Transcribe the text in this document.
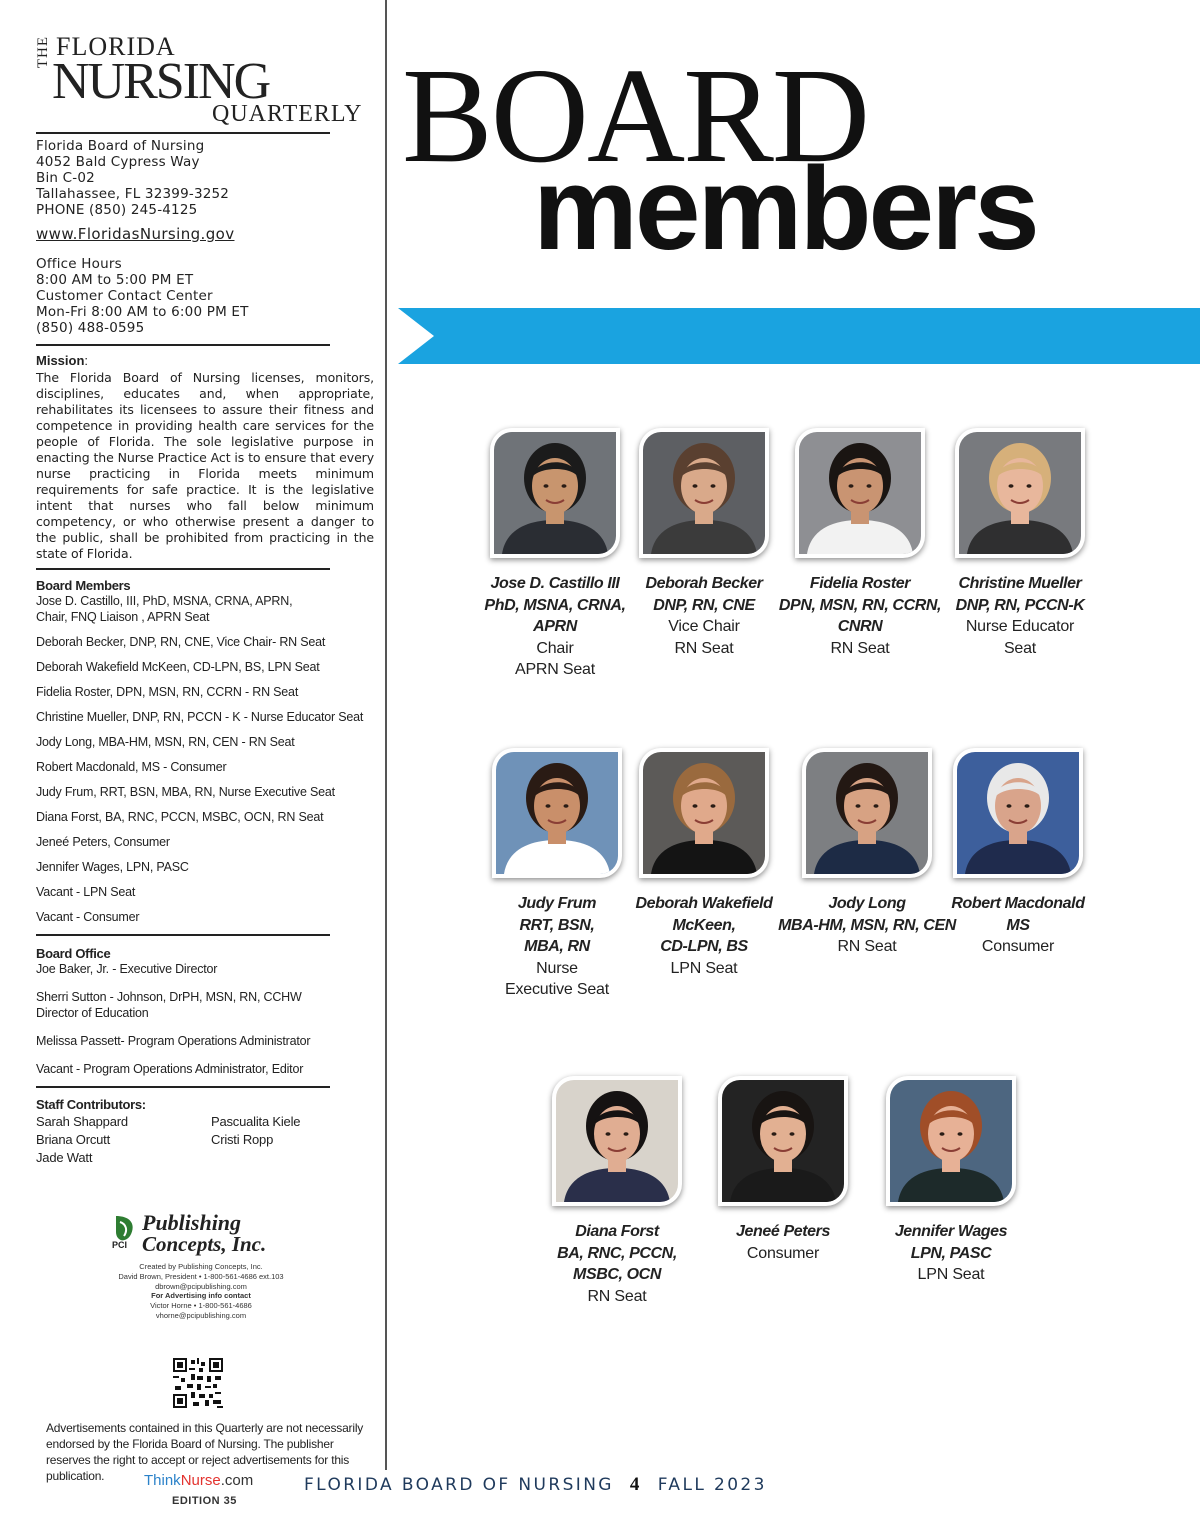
THE FLORIDA
NURSING
QUARTERLY
Florida Board of Nursing
4052 Bald Cypress Way
Bin C-02
Tallahassee, FL 32399-3252
PHONE (850) 245-4125
www.FloridasNursing.gov
Office Hours
8:00 AM to 5:00 PM ET
Customer Contact Center
Mon-Fri 8:00 AM to 6:00 PM ET
(850) 488-0595
Mission:
The Florida Board of Nursing licenses, monitors, disciplines, educates and, when appropriate, rehabilitates its licensees to assure their fitness and competence in providing health care services for the people of Florida. The sole legislative purpose in enacting the Nurse Practice Act is to ensure that every nurse practicing in Florida meets minimum requirements for safe practice. It is the legislative intent that nurses who fall below minimum competency, or who otherwise present a danger to the public, shall be prohibited from practicing in the state of Florida.
Board Members
Jose D. Castillo, III, PhD, MSNA, CRNA, APRN,
Chair, FNQ Liaison , APRN Seat
Deborah Becker, DNP, RN, CNE, Vice Chair- RN Seat
Deborah Wakefield McKeen, CD-LPN, BS, LPN Seat
Fidelia Roster, DPN, MSN, RN, CCRN - RN Seat
Christine Mueller, DNP, RN, PCCN - K - Nurse Educator Seat
Jody Long, MBA-HM, MSN, RN, CEN - RN Seat
Robert Macdonald, MS - Consumer
Judy Frum, RRT, BSN, MBA, RN, Nurse Executive Seat
Diana Forst, BA, RNC, PCCN, MSBC, OCN, RN Seat
Jeneé Peters, Consumer
Jennifer Wages, LPN, PASC
Vacant - LPN Seat
Vacant - Consumer
Board Office
Joe Baker, Jr. - Executive Director
Sherri Sutton - Johnson, DrPH, MSN, RN, CCHW
Director of Education
Melissa Passett- Program Operations Administrator
Vacant - Program Operations Administrator, Editor
Staff Contributors:
Sarah Shappard	Pascualita Kiele
Briana Orcutt	Cristi Ropp
Jade Watt
PCI
Publishing
Concepts, Inc.
Created by Publishing Concepts, Inc.
David Brown, President • 1-800-561-4686 ext.103
dbrown@pcipublishing.com
For Advertising info contact
Victor Horne • 1-800-561-4686
vhorne@pcipublishing.com
Advertisements contained in this Quarterly are not necessarily endorsed by the Florida Board of Nursing. The publisher reserves the right to accept or reject advertisements for this publication.	ThinkNurse.com
EDITION 35
BOARD
members
Jose D. Castillo III
PhD, MSNA, CRNA,
APRN
Chair
APRN Seat
Deborah Becker
DNP, RN, CNE
Vice Chair
RN Seat
Fidelia Roster
DPN, MSN, RN, CCRN,
CNRN
RN Seat
Christine Mueller
DNP, RN, PCCN-K
Nurse Educator
Seat
Judy Frum
RRT, BSN,
MBA, RN
Nurse
Executive Seat
Deborah Wakefield
McKeen,
CD-LPN, BS
LPN Seat
Jody Long
MBA-HM, MSN, RN, CEN
RN Seat
Robert Macdonald
MS
Consumer
Diana Forst
BA, RNC, PCCN,
MSBC, OCN
RN Seat
Jeneé Peters
Consumer
Jennifer Wages
LPN, PASC
LPN Seat
FLORIDA BOARD OF NURSING 4 FALL 2023
